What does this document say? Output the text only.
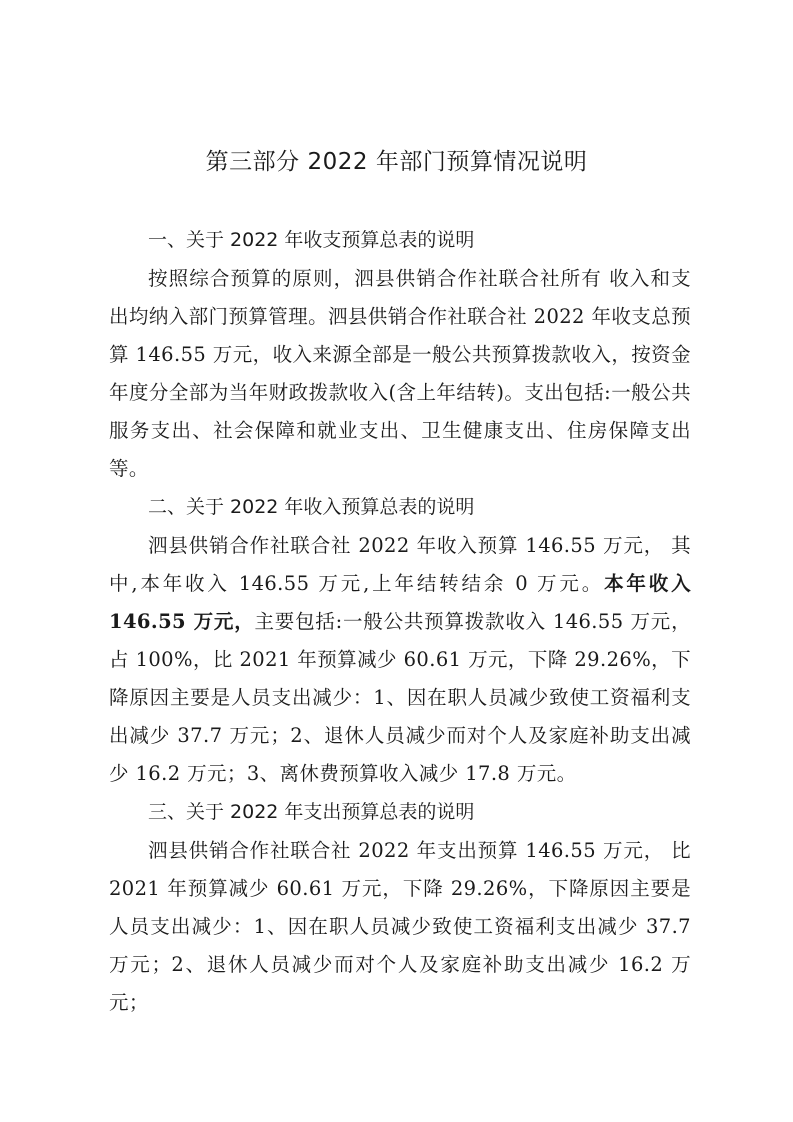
第三部分 2022 年部门预算情况说明
一、关于 2022 年收支预算总表的说明

按照综合预算的原则，泗县供销合作社联合社所有 收入和支出均纳入部门预算管理。泗县供销合作社联合社 2022 年收支总预算 146.55 万元，收入来源全部是一般公共预算拨款收入，按资金年度分全部为当年财政拨款收入(含上年结转)。支出包括:一般公共服务支出、社会保障和就业支出、卫生健康支出、住房保障支出等。

二、关于 2022 年收入预算总表的说明

泗县供销合作社联合社 2022 年收入预算 146.55 万元， 其中,本年收入 146.55 万元,上年结转结余 0 万元。本年收入 146.55 万元，主要包括:一般公共预算拨款收入 146.55 万元，占 100%，比 2021 年预算减少 60.61 万元，下降 29.26%，下降原因主要是人员支出减少：1、因在职人员减少致使工资福利支出减少 37.7 万元；2、退休人员减少而对个人及家庭补助支出减少 16.2 万元；3、离休费预算收入减少 17.8 万元。

三、关于 2022 年支出预算总表的说明

泗县供销合作社联合社 2022 年支出预算 146.55 万元， 比 2021 年预算减少 60.61 万元，下降 29.26%，下降原因主要是人员支出减少：1、因在职人员减少致使工资福利支出减少 37.7 万元；2、退休人员减少而对个人及家庭补助支出减少 16.2 万元；
